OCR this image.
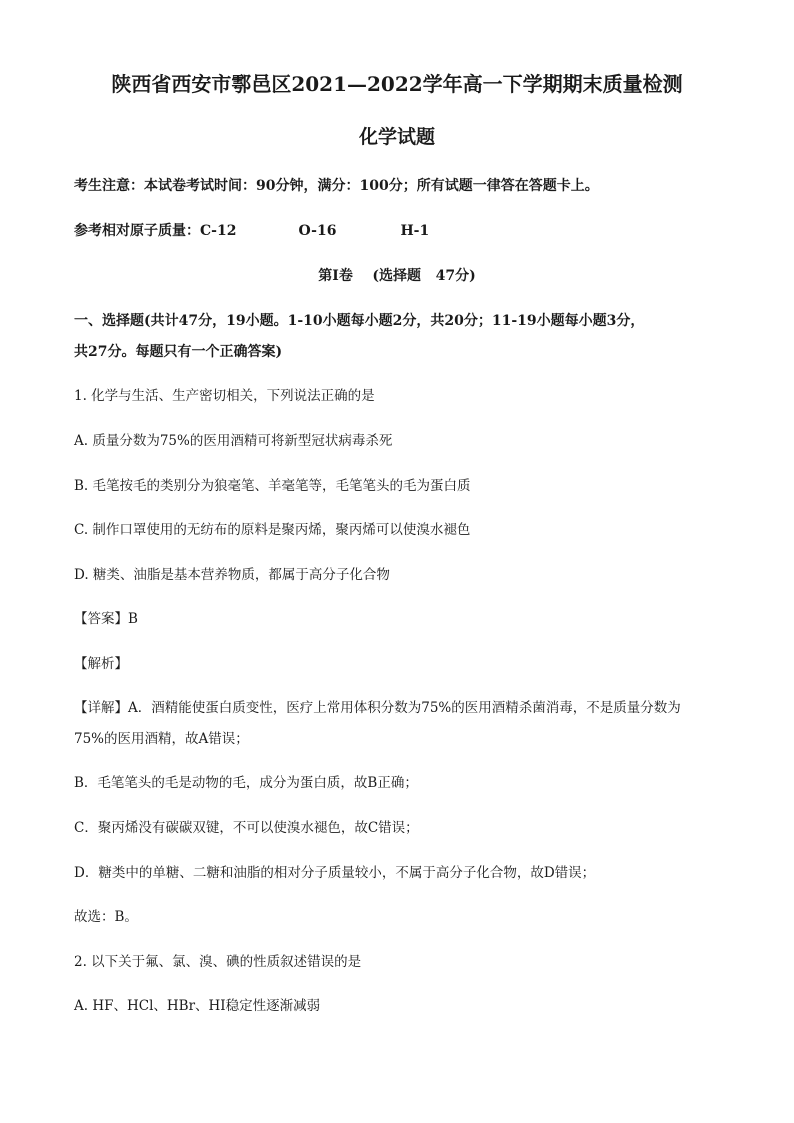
陕西省西安市鄠邑区2021—2022学年高一下学期期末质量检测
化学试题
考生注意：本试卷考试时间：90分钟，满分：100分；所有试题一律答在答题卡上。
参考相对原子质量：C-12	O-16	H-1
第I卷    (选择题   47分)
一、选择题(共计47分，19小题。1-10小题每小题2分，共20分；11-19小题每小题3分，
共27分。每题只有一个正确答案)
1. 化学与生活、生产密切相关，下列说法正确的是
A. 质量分数为75%的医用酒精可将新型冠状病毒杀死
B. 毛笔按毛的类别分为狼毫笔、羊毫笔等，毛笔笔头的毛为蛋白质
C. 制作口罩使用的无纺布的原料是聚丙烯，聚丙烯可以使溴水褪色
D. 糖类、油脂是基本营养物质，都属于高分子化合物
【答案】B
【解析】
【详解】A．酒精能使蛋白质变性，医疗上常用体积分数为75%的医用酒精杀菌消毒，不是质量分数为
75%的医用酒精，故A错误；
B．毛笔笔头的毛是动物的毛，成分为蛋白质，故B正确；
C．聚丙烯没有碳碳双键，不可以使溴水褪色，故C错误；
D．糖类中的单糖、二糖和油脂的相对分子质量较小，不属于高分子化合物，故D错误；
故选：B。
2. 以下关于氟、氯、溴、碘的性质叙述错误的是
A. HF、HCl、HBr、HI稳定性逐渐减弱
